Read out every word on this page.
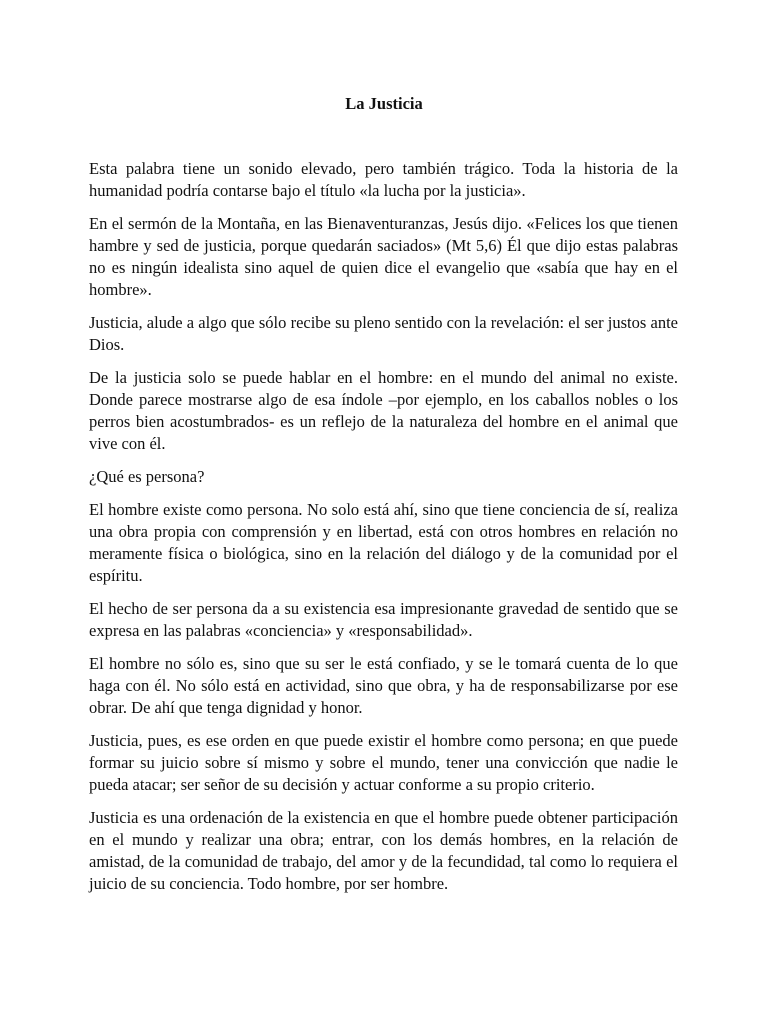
La Justicia

Esta palabra tiene un sonido elevado, pero también trágico. Toda la historia de la humanidad podría contarse bajo el título «la lucha por la justicia».

En el sermón de la Montaña, en las Bienaventuranzas, Jesús dijo. «Felices los que tienen hambre y sed de justicia, porque quedarán saciados» (Mt 5,6) Él que dijo estas palabras no es ningún idealista sino aquel de quien dice el evangelio que «sabía que hay en el hombre».

Justicia, alude a algo que sólo recibe su pleno sentido con la revelación: el ser justos ante Dios.

De la justicia solo se puede hablar en el hombre: en el mundo del animal no existe. Donde parece mostrarse algo de esa índole –por ejemplo, en los caballos nobles o los perros bien acostumbrados- es un reflejo de la naturaleza del hombre en el animal que vive con él.

¿Qué es persona?

El hombre existe como persona. No solo está ahí, sino que tiene conciencia de sí, realiza una obra propia con comprensión y en libertad, está con otros hombres en relación no meramente física o biológica, sino en la relación del diálogo y de la comunidad por el espíritu.

El hecho de ser persona da a su existencia esa impresionante gravedad de sentido que se expresa en las palabras «conciencia» y «responsabilidad».

El hombre no sólo es, sino que su ser le está confiado, y se le tomará cuenta de lo que haga con él. No sólo está en actividad, sino que obra, y ha de responsabilizarse por ese obrar. De ahí que tenga dignidad y honor.

Justicia, pues, es ese orden en que puede existir el hombre como persona; en que puede formar su juicio sobre sí mismo y sobre el mundo, tener una convicción que nadie le pueda atacar; ser señor de su decisión y actuar conforme a su propio criterio.

Justicia es una ordenación de la existencia en que el hombre puede obtener participación en el mundo y realizar una obra; entrar, con los demás hombres, en la relación de amistad, de la comunidad de trabajo, del amor y de la fecundidad, tal como lo requiera el juicio de su conciencia. Todo hombre, por ser hombre.
